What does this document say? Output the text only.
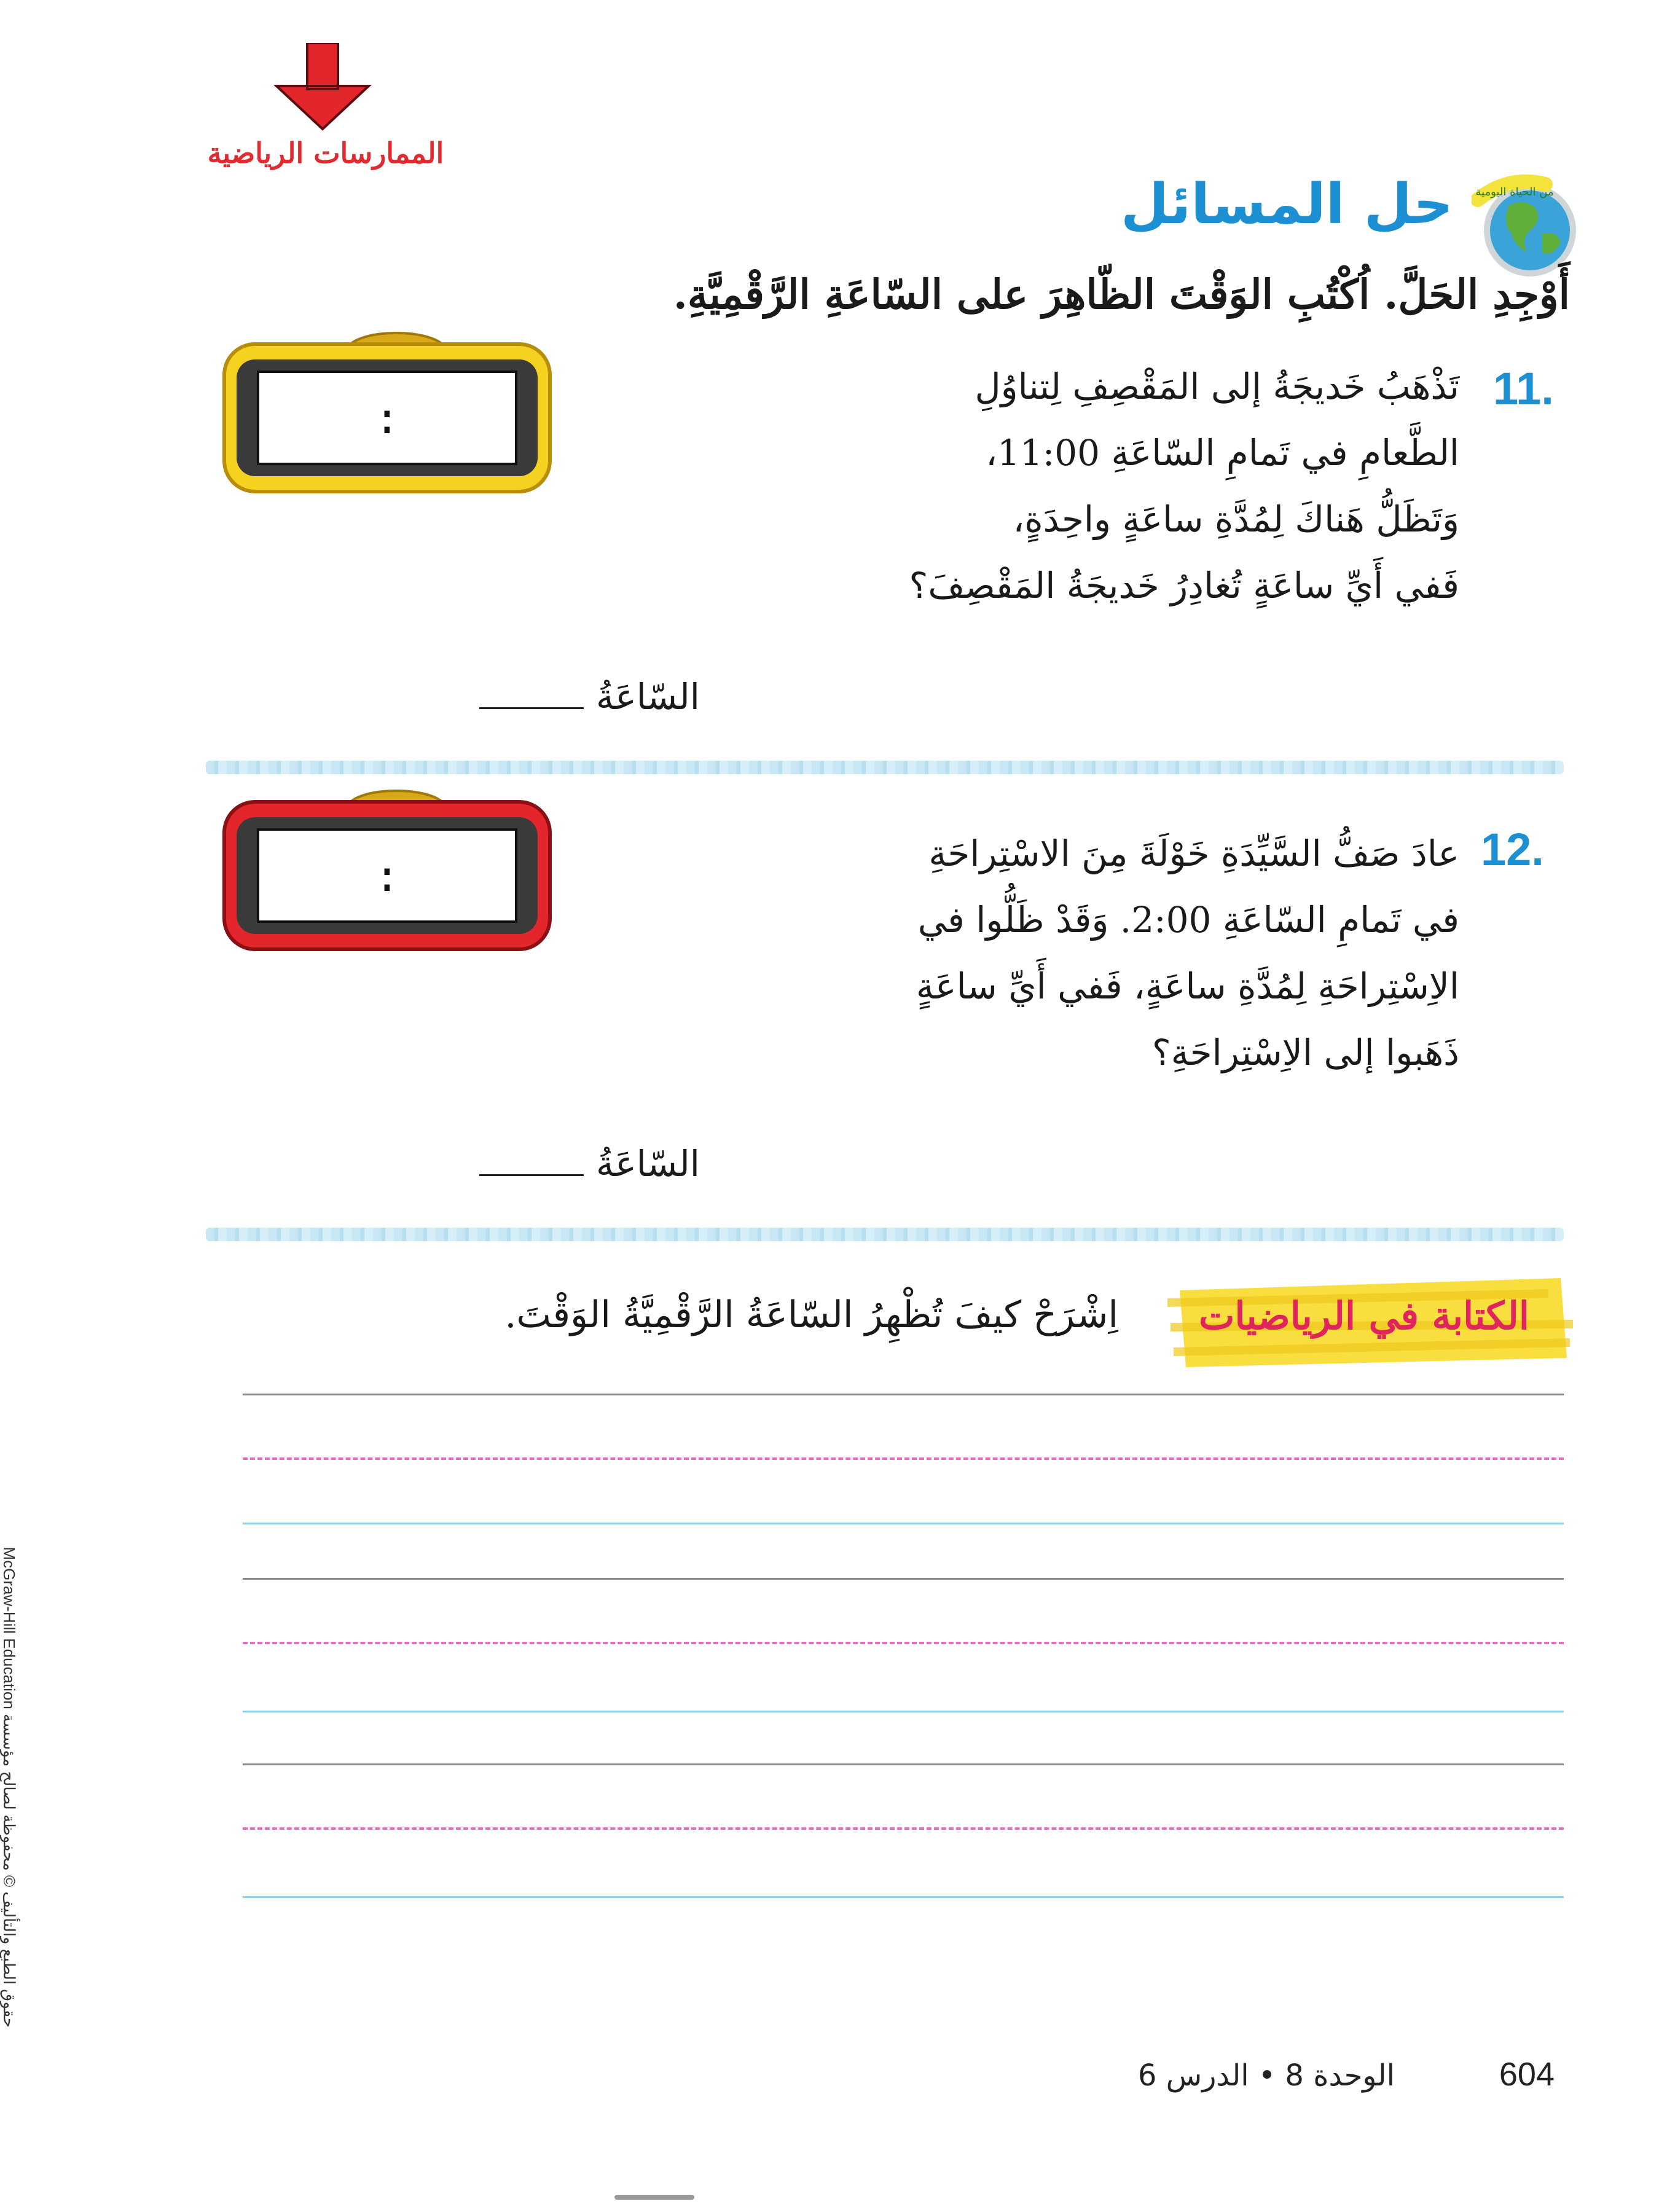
الممارسات الرياضية
من الحياة اليومية
حل المسائل
أَوْجِدِ الحَلَّ. اُكْتُبِ الوَقْتَ الظّاهِرَ على السّاعَةِ الرَّقْمِيَّةِ.
11.
تَذْهَبُ خَديجَةُ إلى المَقْصِفِ لِتناوُلِ
الطَّعامِ في تَمامِ السّاعَةِ 11:00،
وَتَظَلُّ هَناكَ لِمُدَّةِ ساعَةٍ واحِدَةٍ،
فَفي أَيِّ ساعَةٍ تُغادِرُ خَديجَةُ المَقْصِفَ؟
:
السّاعَةُ
12.
عادَ صَفُّ السَّيِّدَةِ خَوْلَةَ مِنَ الاسْتِراحَةِ
في تَمامِ السّاعَةِ 2:00. وَقَدْ ظَلُّوا في
الاِسْتِراحَةِ لِمُدَّةِ ساعَةٍ، فَفي أَيِّ ساعَةٍ
ذَهَبوا إلى الاِسْتِراحَةِ؟
:
السّاعَةُ
الكتابة في الرياضيات
اِشْرَحْ كيفَ تُظْهِرُ السّاعَةُ الرَّقْمِيَّةُ الوَقْتَ.
حقوق الطبع والتأليف © محفوظة لصالح مؤسسة McGraw-Hill Education
604
الوحدة 8 • الدرس 6
